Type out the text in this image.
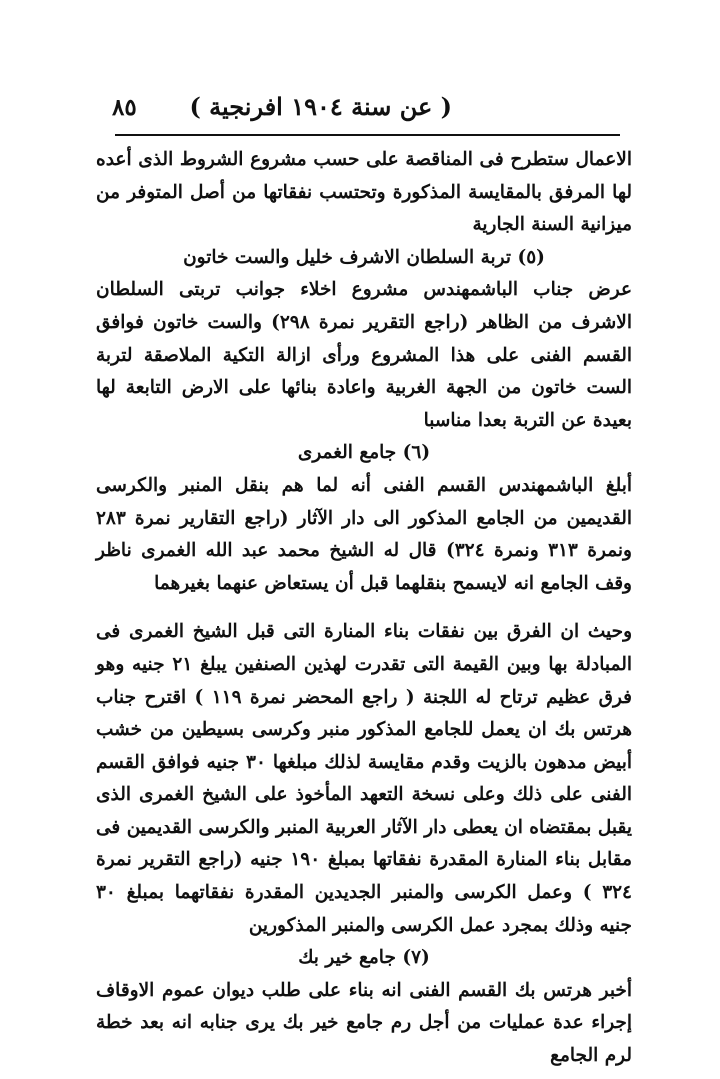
( عن سنة ١٩٠٤ افرنجية )
٨٥

الاعمال ستطرح فى المناقصة على حسب مشروع الشروط الذى أعده لها المرفق بالمقايسة المذكورة وتحتسب نفقاتها من أصل المتوفر من ميزانية السنة الجارية

(٥) تربة السلطان الاشرف خليل والست خاتون

عرض جناب الباشمهندس مشروع اخلاء جوانب تربتى السلطان الاشرف من الظاهر (راجع التقرير نمرة ٢٩٨) والست خاتون فوافق القسم الفنى على هذا المشروع ورأى ازالة التكية الملاصقة لتربة الست خاتون من الجهة الغربية واعادة بنائها على الارض التابعة لها بعيدة عن التربة بعدا مناسبا

(٦) جامع الغمرى

أبلغ الباشمهندس القسم الفنى أنه لما هم بنقل المنبر والكرسى القديمين من الجامع المذكور الى دار الآثار (راجع التقارير نمرة ٢٨٣ ونمرة ٣١٣ ونمرة ٣٢٤) قال له الشيخ محمد عبد الله الغمرى ناظر وقف الجامع انه لايسمح بنقلهما قبل أن يستعاض عنهما بغيرهما

وحيث ان الفرق بين نفقات بناء المنارة التى قبل الشيخ الغمرى فى المبادلة بها وبين القيمة التى تقدرت لهذين الصنفين يبلغ ٢١ جنيه وهو فرق عظيم ترتاح له اللجنة ( راجع المحضر نمرة ١١٩ ) اقترح جناب هرتس بك ان يعمل للجامع المذكور منبر وكرسى بسيطين من خشب أبيض مدهون بالزيت وقدم مقايسة لذلك مبلغها ٣٠ جنيه فوافق القسم الفنى على ذلك وعلى نسخة التعهد المأخوذ على الشيخ الغمرى الذى يقبل بمقتضاه ان يعطى دار الآثار العربية المنبر والكرسى القديمين فى مقابل بناء المنارة المقدرة نفقاتها بمبلغ ١٩٠ جنيه (راجع التقرير نمرة ٣٢٤ ) وعمل الكرسى والمنبر الجديدين المقدرة نفقاتهما بمبلغ ٣٠ جنيه وذلك بمجرد عمل الكرسى والمنبر المذكورين

(٧) جامع خير بك

أخبر هرتس بك القسم الفنى انه بناء على طلب ديوان عموم الاوقاف إجراء عدة عمليات من أجل رم جامع خير بك يرى جنابه انه بعد خطة لرم الجامع
